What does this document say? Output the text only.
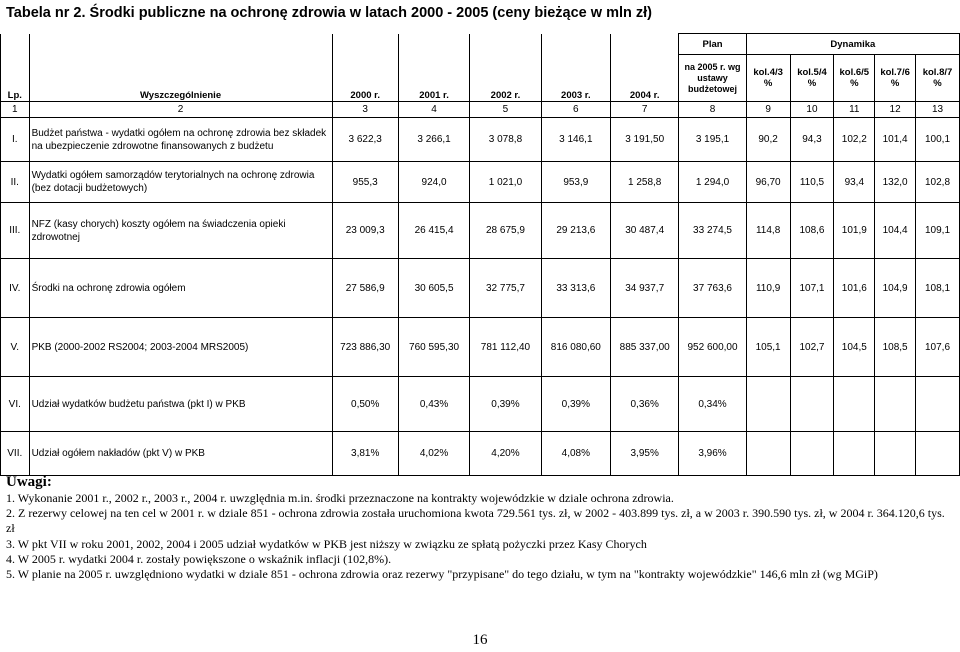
Tabela nr 2. Środki publiczne na ochronę zdrowia w latach 2000 - 2005 (ceny bieżące w mln zł)
							Plan	Dynamika				
Lp.	Wyszczególnienie	2000 r.	2001 r.	2002 r.	2003 r.	2004 r.	na 2005 r. wg ustawy budżetowej	kol.4/3 %	kol.5/4 %	kol.6/5 %	kol.7/6 %	kol.8/7 %
1	2	3	4	5	6	7	8	9	10	11	12	13
I.	Budżet państwa - wydatki ogółem na ochronę zdrowia bez składek na ubezpieczenie zdrowotne finansowanych z budżetu	3 622,3	3 266,1	3 078,8	3 146,1	3 191,50	3 195,1	90,2	94,3	102,2	101,4	100,1
II.	Wydatki ogółem samorządów terytorialnych na ochronę zdrowia (bez dotacji budżetowych)	955,3	924,0	1 021,0	953,9	1 258,8	1 294,0	96,70	110,5	93,4	132,0	102,8
III.	NFZ (kasy chorych) koszty ogółem na świadczenia opieki zdrowotnej	23 009,3	26 415,4	28 675,9	29 213,6	30 487,4	33 274,5	114,8	108,6	101,9	104,4	109,1
IV.	Środki na ochronę zdrowia ogółem	27 586,9	30 605,5	32 775,7	33 313,6	34 937,7	37 763,6	110,9	107,1	101,6	104,9	108,1
V.	PKB (2000-2002 RS2004; 2003-2004 MRS2005)	723 886,30	760 595,30	781 112,40	816 080,60	885 337,00	952 600,00	105,1	102,7	104,5	108,5	107,6
VI.	Udział wydatków budżetu państwa (pkt I) w PKB	0,50%	0,43%	0,39%	0,39%	0,36%	0,34%					
VII.	Udział ogółem nakładów (pkt V) w PKB	3,81%	4,02%	4,20%	4,08%	3,95%	3,96%					

Uwagi:

1. Wykonanie 2001 r., 2002 r., 2003 r., 2004 r. uwzględnia m.in. środki przeznaczone na kontrakty wojewódzkie w dziale ochrona zdrowia.

2. Z rezerwy celowej na ten cel w 2001 r. w dziale 851 - ochrona zdrowia została uruchomiona kwota 729.561 tys. zł, w 2002 - 403.899 tys. zł, a w 2003 r. 390.590 tys. zł, w 2004 r. 364.120,6 tys. zł

3. W pkt VII w roku 2001, 2002, 2004 i 2005 udział wydatków w PKB jest niższy w związku ze spłatą pożyczki przez Kasy Chorych

4. W 2005 r. wydatki 2004 r. zostały powiększone o wskaźnik inflacji (102,8%).

5. W planie na 2005 r. uwzględniono wydatki w dziale 851 - ochrona zdrowia oraz rezerwy "przypisane" do tego działu, w tym na "kontrakty wojewódzkie" 146,6 mln zł (wg MGiP)

16
